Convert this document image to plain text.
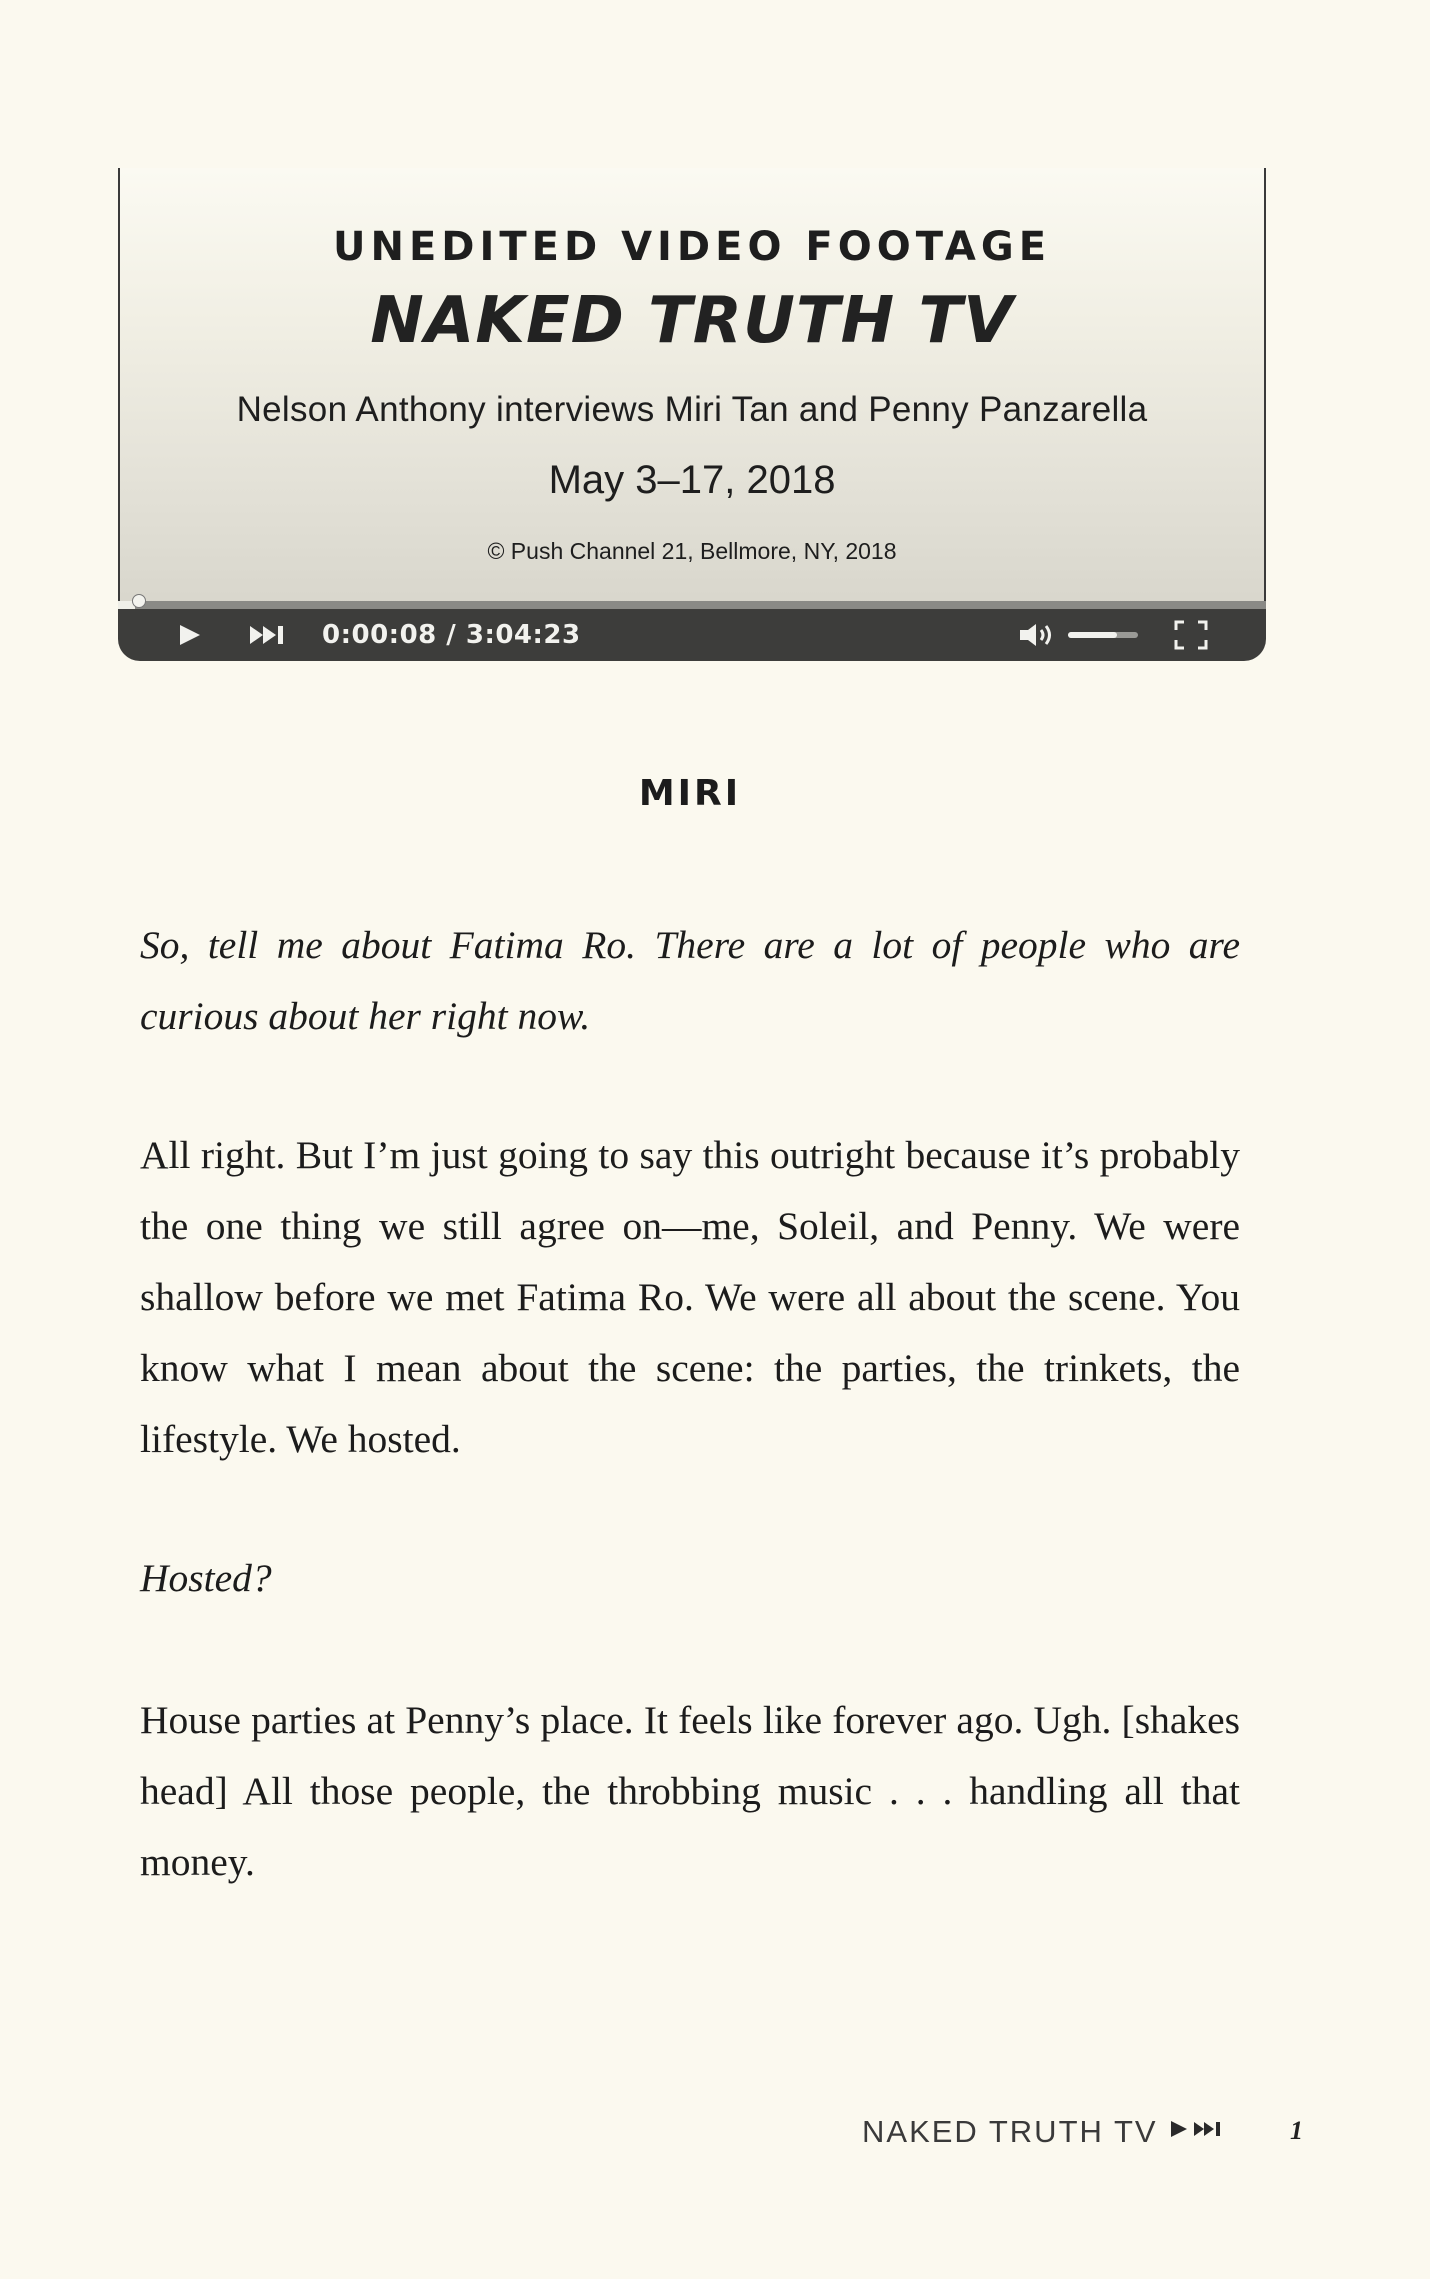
UNEDITED VIDEO FOOTAGE
NAKED TRUTH TV
Nelson Anthony interviews Miri Tan and Penny Panzarella
May 3–17, 2018
© Push Channel 21, Bellmore, NY, 2018
0:00:08 / 3:04:23
MIRI

So, tell me about Fatima Ro. There are a lot of people who are curious about her right now.

All right. But I’m just going to say this outright because it’s probably the one thing we still agree on—me, Soleil, and Penny. We were shallow before we met Fatima Ro. We were all about the scene. You know what I mean about the scene: the parties, the trinkets, the lifestyle. We hosted.

Hosted?

House parties at Penny’s place. It feels like forever ago. Ugh. [shakes head] All those people, the throbbing music . . . handling all that money.

NAKED TRUTH TV	1
